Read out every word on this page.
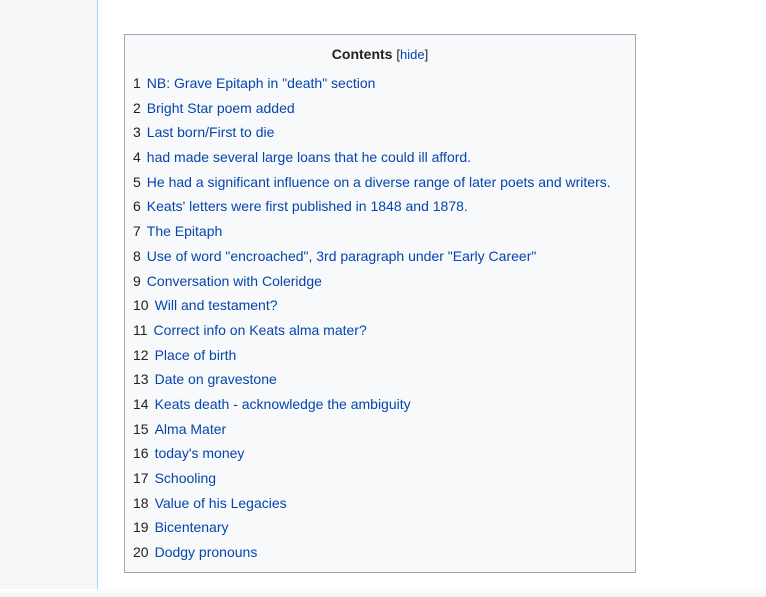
Contents [hide]
1 NB: Grave Epitaph in "death" section
2 Bright Star poem added
3 Last born/First to die
4 had made several large loans that he could ill afford.
5 He had a significant influence on a diverse range of later poets and writers.
6 Keats' letters were first published in 1848 and 1878.
7 The Epitaph
8 Use of word "encroached", 3rd paragraph under "Early Career"
9 Conversation with Coleridge
10 Will and testament?
11 Correct info on Keats alma mater?
12 Place of birth
13 Date on gravestone
14 Keats death - acknowledge the ambiguity
15 Alma Mater
16 today's money
17 Schooling
18 Value of his Legacies
19 Bicentenary
20 Dodgy pronouns
